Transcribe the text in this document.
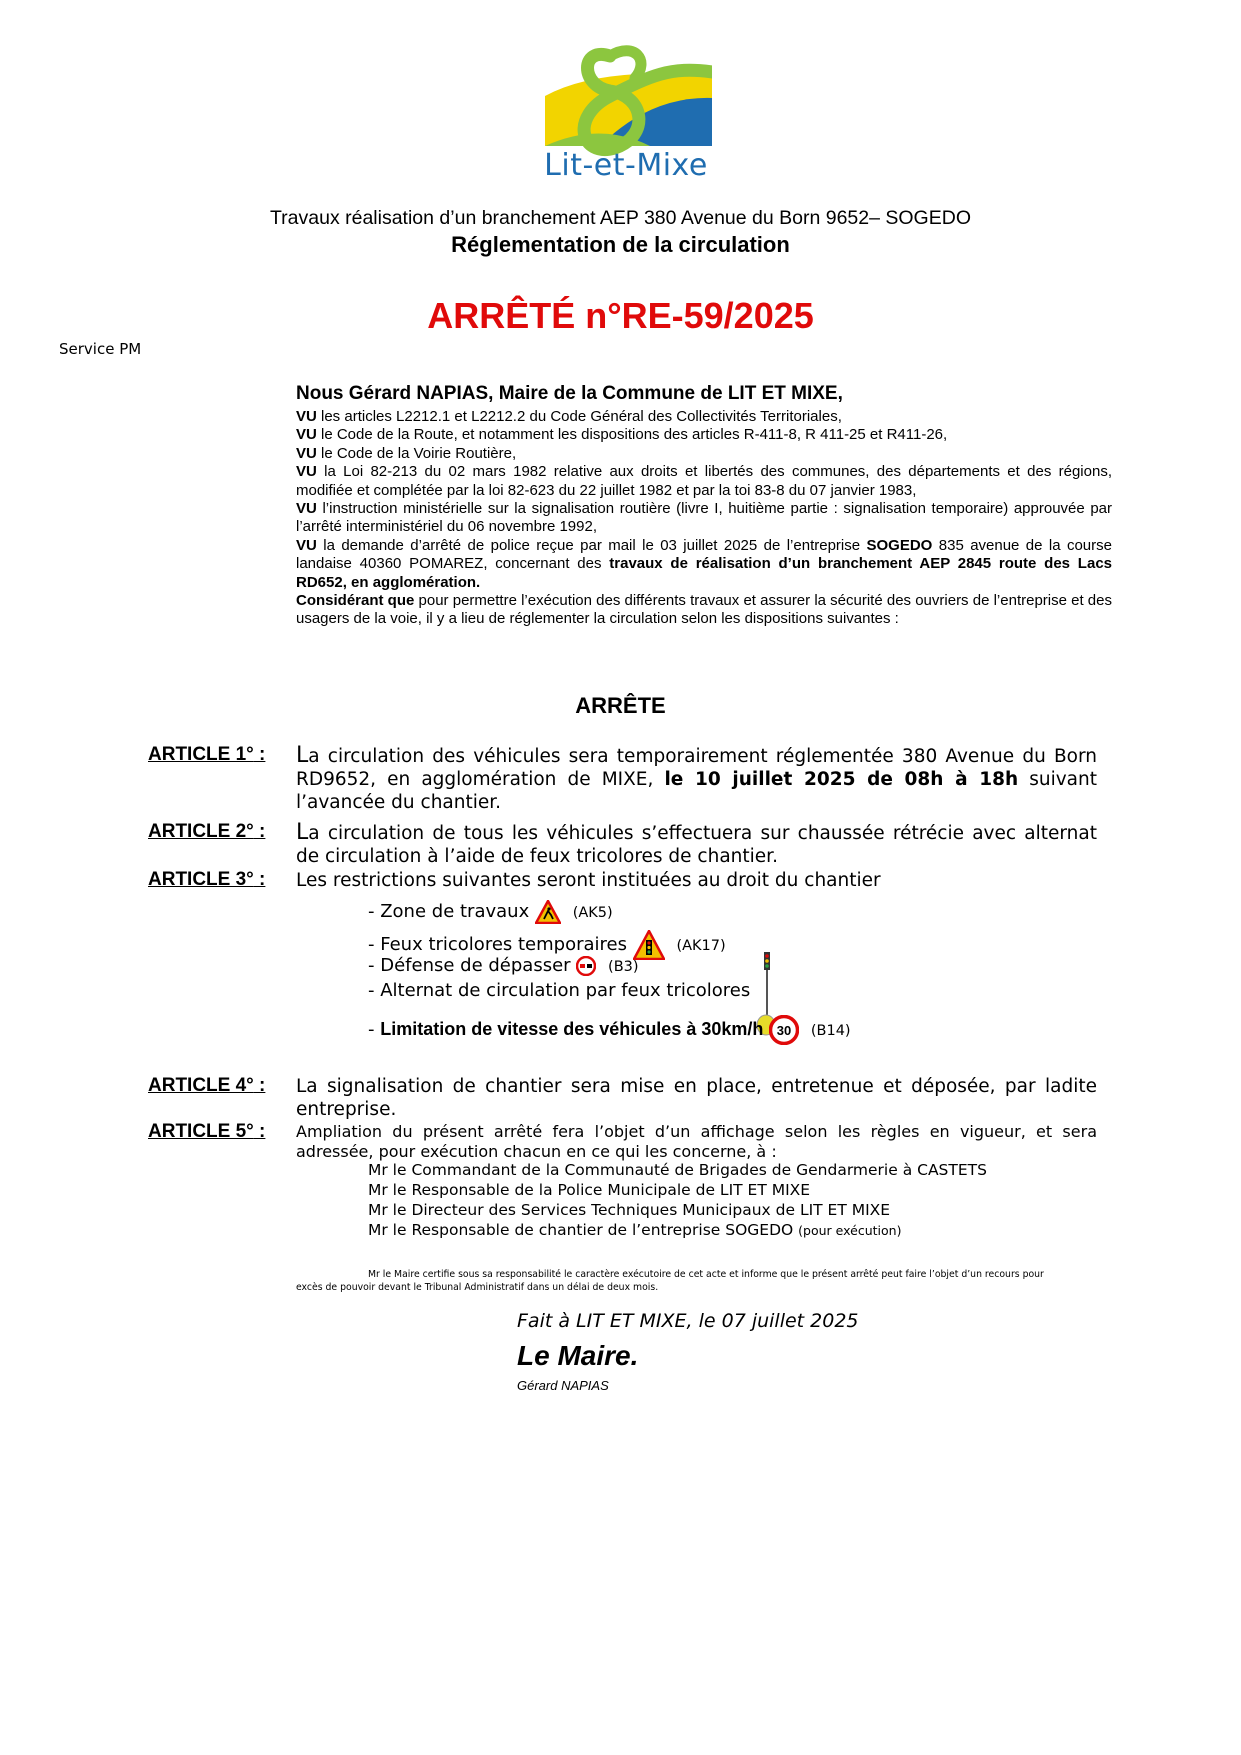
Lit-et-Mixe
Travaux réalisation d’un branchement AEP 380 Avenue du Born 9652– SOGEDO
Réglementation de la circulation
ARRÊTÉ n°RE-59/2025
Service PM
Nous Gérard NAPIAS, Maire de la Commune de LIT ET MIXE,

VU les articles L2212.1 et L2212.2 du Code Général des Collectivités Territoriales,

VU le Code de la Route, et notamment les dispositions des articles R-411-8, R 411-25 et R411-26,

VU le Code de la Voirie Routière,

VU la Loi 82-213 du 02 mars 1982 relative aux droits et libertés des communes, des départements et des régions, modifiée et complétée par la loi 82-623 du 22 juillet 1982 et par la toi 83-8 du 07 janvier 1983,

VU l’instruction ministérielle sur la signalisation routière (livre I, huitième partie : signalisation temporaire) approuvée par l’arrêté interministériel du 06 novembre 1992,

VU la demande d’arrêté de police reçue par mail le 03 juillet 2025 de l’entreprise SOGEDO 835 avenue de la course landaise 40360 POMAREZ, concernant des travaux de réalisation d’un branchement AEP 2845 route des Lacs RD652, en agglomération.

Considérant que pour permettre l’exécution des différents travaux et assurer la sécurité des ouvriers de l’entreprise et des usagers de la voie, il y a lieu de réglementer la circulation selon les dispositions suivantes :

ARRÊTE
ARTICLE 1° : La circulation des véhicules sera temporairement réglementée 380 Avenue du Born RD9652, en agglomération de MIXE, le 10 juillet 2025 de 08h à 18h suivant l’avancée du chantier.
ARTICLE 2° : La circulation de tous les véhicules s’effectuera sur chaussée rétrécie avec alternat de circulation à l’aide de feux tricolores de chantier.
ARTICLE 3° : Les restrictions suivantes seront instituées au droit du chantier
- Zone de travaux	(AK5)
- Feux tricolores temporaires	(AK17)
- Défense de dépasser	(B3)
- Alternat de circulation par feux tricolores
- Limitation de vitesse des véhicules à 30km/h 30 (B14)
ARTICLE 4° : La signalisation de chantier sera mise en place, entretenue et déposée, par ladite entreprise.
ARTICLE 5° : Ampliation du présent arrêté fera l’objet d’un affichage selon les règles en vigueur, et sera adressée, pour exécution chacun en ce qui les concerne, à :
Mr le Commandant de la Communauté de Brigades de Gendarmerie à CASTETS
Mr le Responsable de la Police Municipale de LIT ET MIXE
Mr le Directeur des Services Techniques Municipaux de LIT ET MIXE
Mr le Responsable de chantier de l’entreprise SOGEDO (pour exécution)
Mr le Maire certifie sous sa responsabilité le caractère exécutoire de cet acte et informe que le présent arrêté peut faire l’objet d’un recours pour
excès de pouvoir devant le Tribunal Administratif dans un délai de deux mois.
Fait à LIT ET MIXE, le 07 juillet 2025
Le Maire.
Gérard NAPIAS
